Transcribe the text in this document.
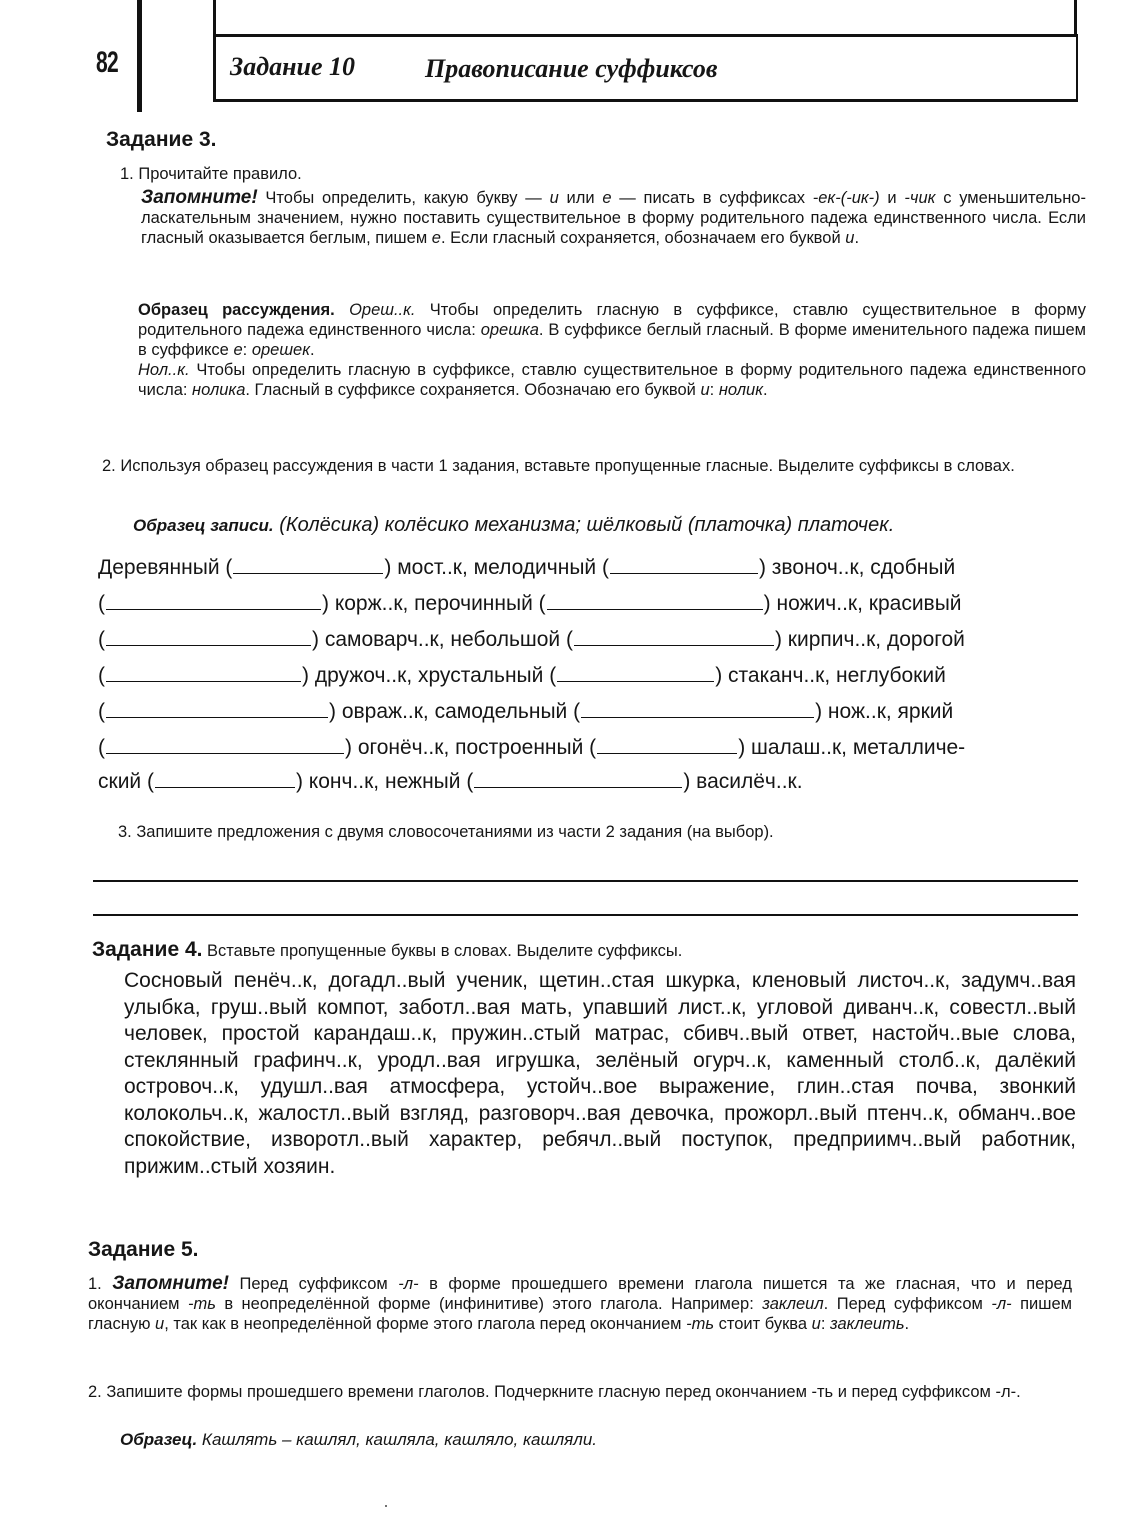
82	Задание 10	Правописание суффиксов
Задание 3.
1. Прочитайте правило.
Запомните! Чтобы определить, какую букву — и или е — писать в суффиксах -ек-(-ик-) и -чик с уменьшительно-ласкательным значением, нужно поставить существительное в форму родительного падежа единственного числа. Если гласный оказывается беглым, пишем е. Если гласный сохраняется, обозначаем его буквой и.
Образец рассуждения. Ореш..к. Чтобы определить гласную в суффиксе, ставлю существительное в форму родительного падежа единственного числа: орешка. В суффиксе беглый гласный. В форме именительного падежа пишем в суффиксе е: орешек.
Нол..к. Чтобы определить гласную в суффиксе, ставлю существительное в форму родительного падежа единственного числа: нолика. Гласный в суффиксе сохраняется. Обозначаю его буквой и: нолик.
2. Используя образец рассуждения в части 1 задания, вставьте пропущенные гласные. Выделите суффиксы в словах.
Образец записи. (Колёсика) колёсико механизма; шёлковый (платочка) платочек.
Деревянный (	) мост..к, мелодичный (	) звоноч..к, сдобный
(	) корж..к, перочинный (	) ножич..к, красивый
(	) самоварч..к, небольшой (	) кирпич..к, дорогой
(	) дружоч..к, хрустальный (	) стаканч..к, неглубокий
(	) овраж..к, самодельный (	) нож..к, яркий
(	) огонёч..к, построенный (	) шалаш..к, металличе-
ский (	) конч..к, нежный (	) василёч..к.
3. Запишите предложения с двумя словосочетаниями из части 2 задания (на выбор).
Задание 4. Вставьте пропущенные буквы в словах. Выделите суффиксы.
Сосновый пенёч..к, догадл..вый ученик, щетин..стая шкурка, кленовый листоч..к, задумч..вая улыбка, груш..вый компот, заботл..вая мать, упавший лист..к, угловой диванч..к, совестл..вый человек, простой карандаш..к, пружин..стый матрас, сбивч..вый ответ, настойч..вые слова, стеклянный графинч..к, уродл..вая игрушка, зелёный огурч..к, каменный столб..к, далёкий островоч..к, удушл..вая атмосфера, устойч..вое выражение, глин..стая почва, звонкий колокольч..к, жалостл..вый взгляд, разговорч..вая девочка, прожорл..вый птенч..к, обманч..вое спокойствие, изворотл..вый характер, ребячл..вый поступок, предприимч..вый работник, прижим..стый хозяин.
Задание 5.
1. Запомните! Перед суффиксом -л- в форме прошедшего времени глагола пишется та же гласная, что и перед окончанием -ть в неопределённой форме (инфинитиве) этого глагола. Например: заклеил. Перед суффиксом -л- пишем гласную и, так как в неопределённой форме этого глагола перед окончанием -ть стоит буква и: заклеить.
2. Запишите формы прошедшего времени глаголов. Подчеркните гласную перед окончанием -ть и перед суффиксом -л-.
Образец. Кашлять – кашлял, кашляла, кашляло, кашляли.
